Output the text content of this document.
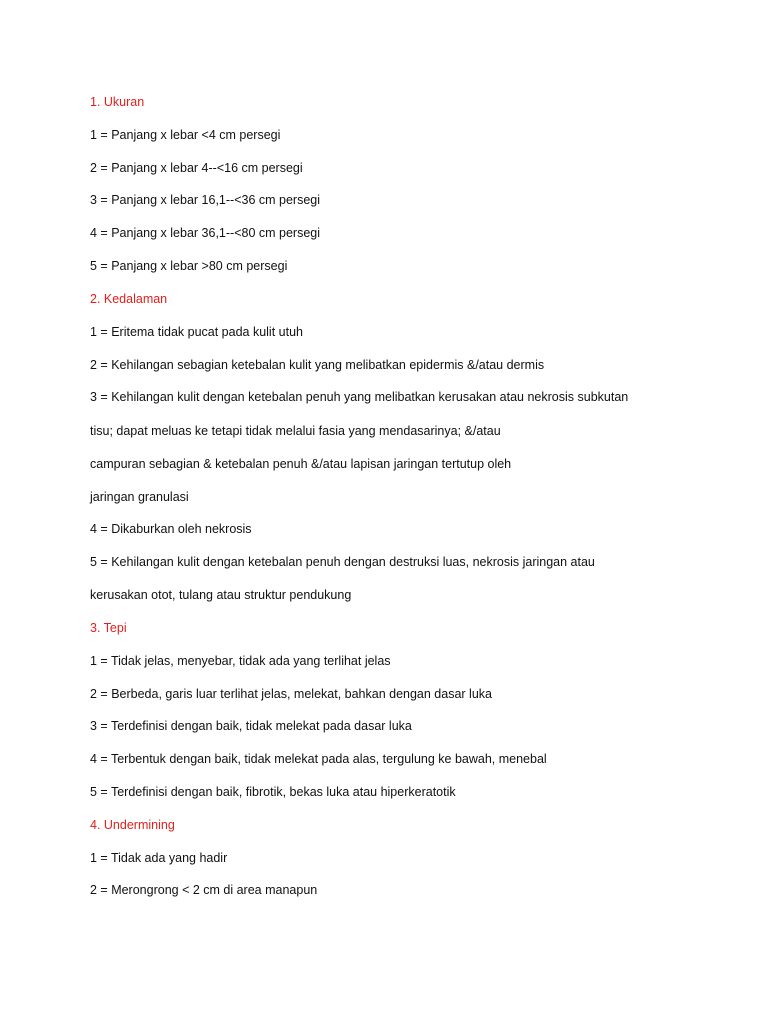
1. Ukuran
1 = Panjang x lebar <4 cm persegi
2 = Panjang x lebar 4--<16 cm persegi
3 = Panjang x lebar 16,1--<36 cm persegi
4 = Panjang x lebar 36,1--<80 cm persegi
5 = Panjang x lebar >80 cm persegi
2. Kedalaman
1 = Eritema tidak pucat pada kulit utuh
2 = Kehilangan sebagian ketebalan kulit yang melibatkan epidermis &/atau dermis
3 = Kehilangan kulit dengan ketebalan penuh yang melibatkan kerusakan atau nekrosis subkutan
tisu; dapat meluas ke tetapi tidak melalui fasia yang mendasarinya; &/atau
campuran sebagian & ketebalan penuh &/atau lapisan jaringan tertutup oleh
jaringan granulasi
4 = Dikaburkan oleh nekrosis
5 = Kehilangan kulit dengan ketebalan penuh dengan destruksi luas, nekrosis jaringan atau
kerusakan otot, tulang atau struktur pendukung
3. Tepi
1 = Tidak jelas, menyebar, tidak ada yang terlihat jelas
2 = Berbeda, garis luar terlihat jelas, melekat, bahkan dengan dasar luka
3 = Terdefinisi dengan baik, tidak melekat pada dasar luka
4 = Terbentuk dengan baik, tidak melekat pada alas, tergulung ke bawah, menebal
5 = Terdefinisi dengan baik, fibrotik, bekas luka atau hiperkeratotik
4. Undermining
1 = Tidak ada yang hadir
2 = Merongrong < 2 cm di area manapun
